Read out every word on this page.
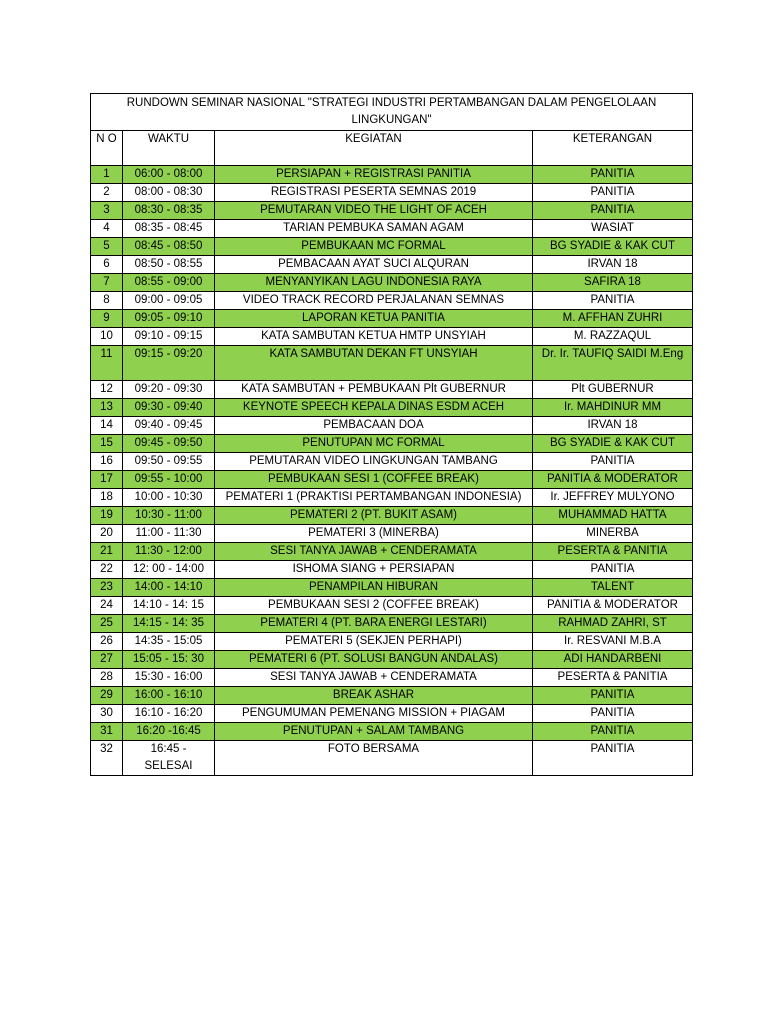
RUNDOWN SEMINAR NASIONAL "STRATEGI INDUSTRI PERTAMBANGAN DALAM PENGELOLAAN LINGKUNGAN"			
N O	WAKTU	KEGIATAN	KETERANGAN
1	06:00 - 08:00	PERSIAPAN + REGISTRASI PANITIA	PANITIA
2	08:00 - 08:30	REGISTRASI PESERTA SEMNAS 2019	PANITIA
3	08:30 - 08:35	PEMUTARAN VIDEO THE LIGHT OF ACEH	PANITIA
4	08:35 - 08:45	TARIAN PEMBUKA SAMAN AGAM	WASIAT
5	08:45 - 08:50	PEMBUKAAN MC FORMAL	BG SYADIE & KAK CUT
6	08:50 - 08:55	PEMBACAAN AYAT SUCI ALQURAN	IRVAN 18
7	08:55 - 09:00	MENYANYIKAN LAGU INDONESIA RAYA	SAFIRA 18
8	09:00 - 09:05	VIDEO TRACK RECORD PERJALANAN SEMNAS	PANITIA
9	09:05 - 09:10	LAPORAN KETUA PANITIA	M. AFFHAN ZUHRI
10	09:10 - 09:15	KATA SAMBUTAN KETUA HMTP UNSYIAH	M. RAZZAQUL
11	09:15 - 09:20	KATA SAMBUTAN DEKAN FT UNSYIAH	Dr. Ir. TAUFIQ SAIDI M.Eng
12	09:20 - 09:30	KATA SAMBUTAN + PEMBUKAAN Plt GUBERNUR	Plt GUBERNUR
13	09:30 - 09:40	KEYNOTE SPEECH KEPALA DINAS ESDM ACEH	Ir. MAHDINUR MM
14	09:40 - 09:45	PEMBACAAN DOA	IRVAN 18
15	09:45 - 09:50	PENUTUPAN MC FORMAL	BG SYADIE & KAK CUT
16	09:50 - 09:55	PEMUTARAN VIDEO LINGKUNGAN TAMBANG	PANITIA
17	09:55 - 10:00	PEMBUKAAN SESI 1 (COFFEE BREAK)	PANITIA & MODERATOR
18	10:00 - 10:30	PEMATERI 1 (PRAKTISI PERTAMBANGAN INDONESIA)	Ir. JEFFREY MULYONO
19	10:30 - 11:00	PEMATERI 2 (PT. BUKIT ASAM)	MUHAMMAD HATTA
20	11:00 - 11:30	PEMATERI 3 (MINERBA)	MINERBA
21	11:30 - 12:00	SESI TANYA JAWAB + CENDERAMATA	PESERTA & PANITIA
22	12: 00 - 14:00	ISHOMA SIANG + PERSIAPAN	PANITIA
23	14:00 - 14:10	PENAMPILAN HIBURAN	TALENT
24	14:10 - 14: 15	PEMBUKAAN SESI 2 (COFFEE BREAK)	PANITIA & MODERATOR
25	14:15 - 14: 35	PEMATERI 4 (PT. BARA ENERGI LESTARI)	RAHMAD ZAHRI, ST
26	14:35 - 15:05	PEMATERI 5 (SEKJEN PERHAPI)	Ir. RESVANI M.B.A
27	15:05 - 15: 30	PEMATERI 6 (PT. SOLUSI BANGUN ANDALAS)	ADI HANDARBENI
28	15:30 - 16:00	SESI TANYA JAWAB + CENDERAMATA	PESERTA & PANITIA
29	16:00 - 16:10	BREAK ASHAR	PANITIA
30	16:10 - 16:20	PENGUMUMAN PEMENANG MISSION + PIAGAM	PANITIA
31	16:20 -16:45	PENUTUPAN + SALAM TAMBANG	PANITIA
32	16:45 - SELESAI	FOTO BERSAMA	PANITIA
